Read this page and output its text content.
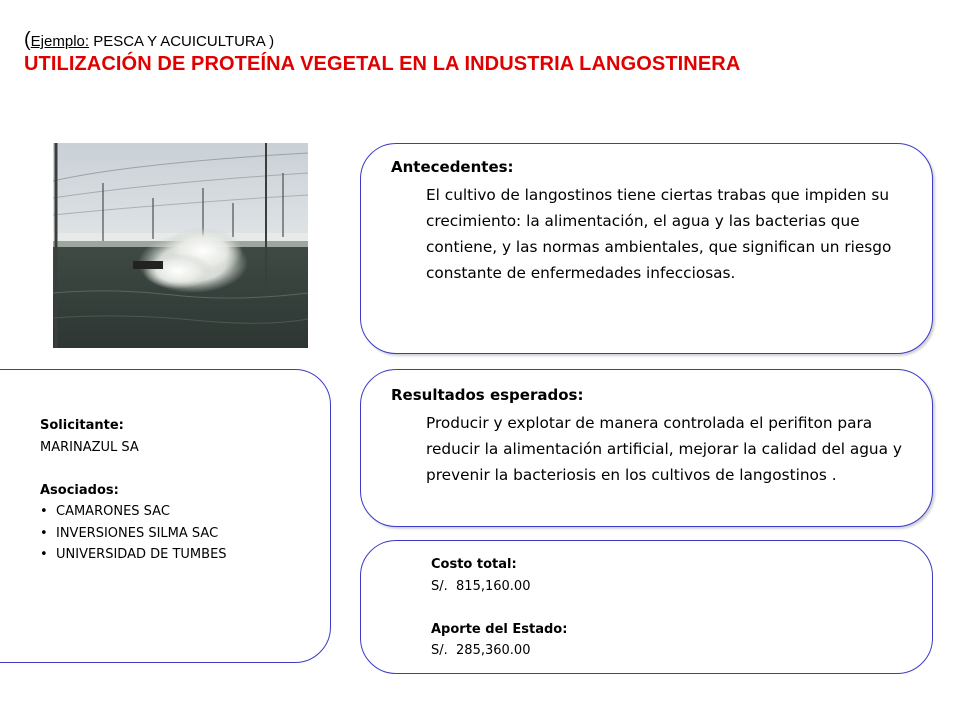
(Ejemplo: PESCA Y ACUICULTURA )
UTILIZACIÓN DE PROTEÍNA VEGETAL EN LA INDUSTRIA LANGOSTINERA
Antecedentes:
El cultivo de langostinos tiene ciertas trabas que impiden su crecimiento: la alimentación, el agua y las bacterias que contiene, y las normas ambientales, que significan un riesgo constante de enfermedades infecciosas.
Resultados esperados:
Producir y explotar de manera controlada el perifiton para reducir la alimentación artificial, mejorar la calidad del agua y prevenir la bacteriosis en los cultivos de langostinos .
Solicitante:
MARINAZUL SA
Asociados:
• CAMARONES SAC
• INVERSIONES SILMA SAC
• UNIVERSIDAD DE TUMBES
Costo total:
S/.  815,160.00
Aporte del Estado:
S/.  285,360.00
